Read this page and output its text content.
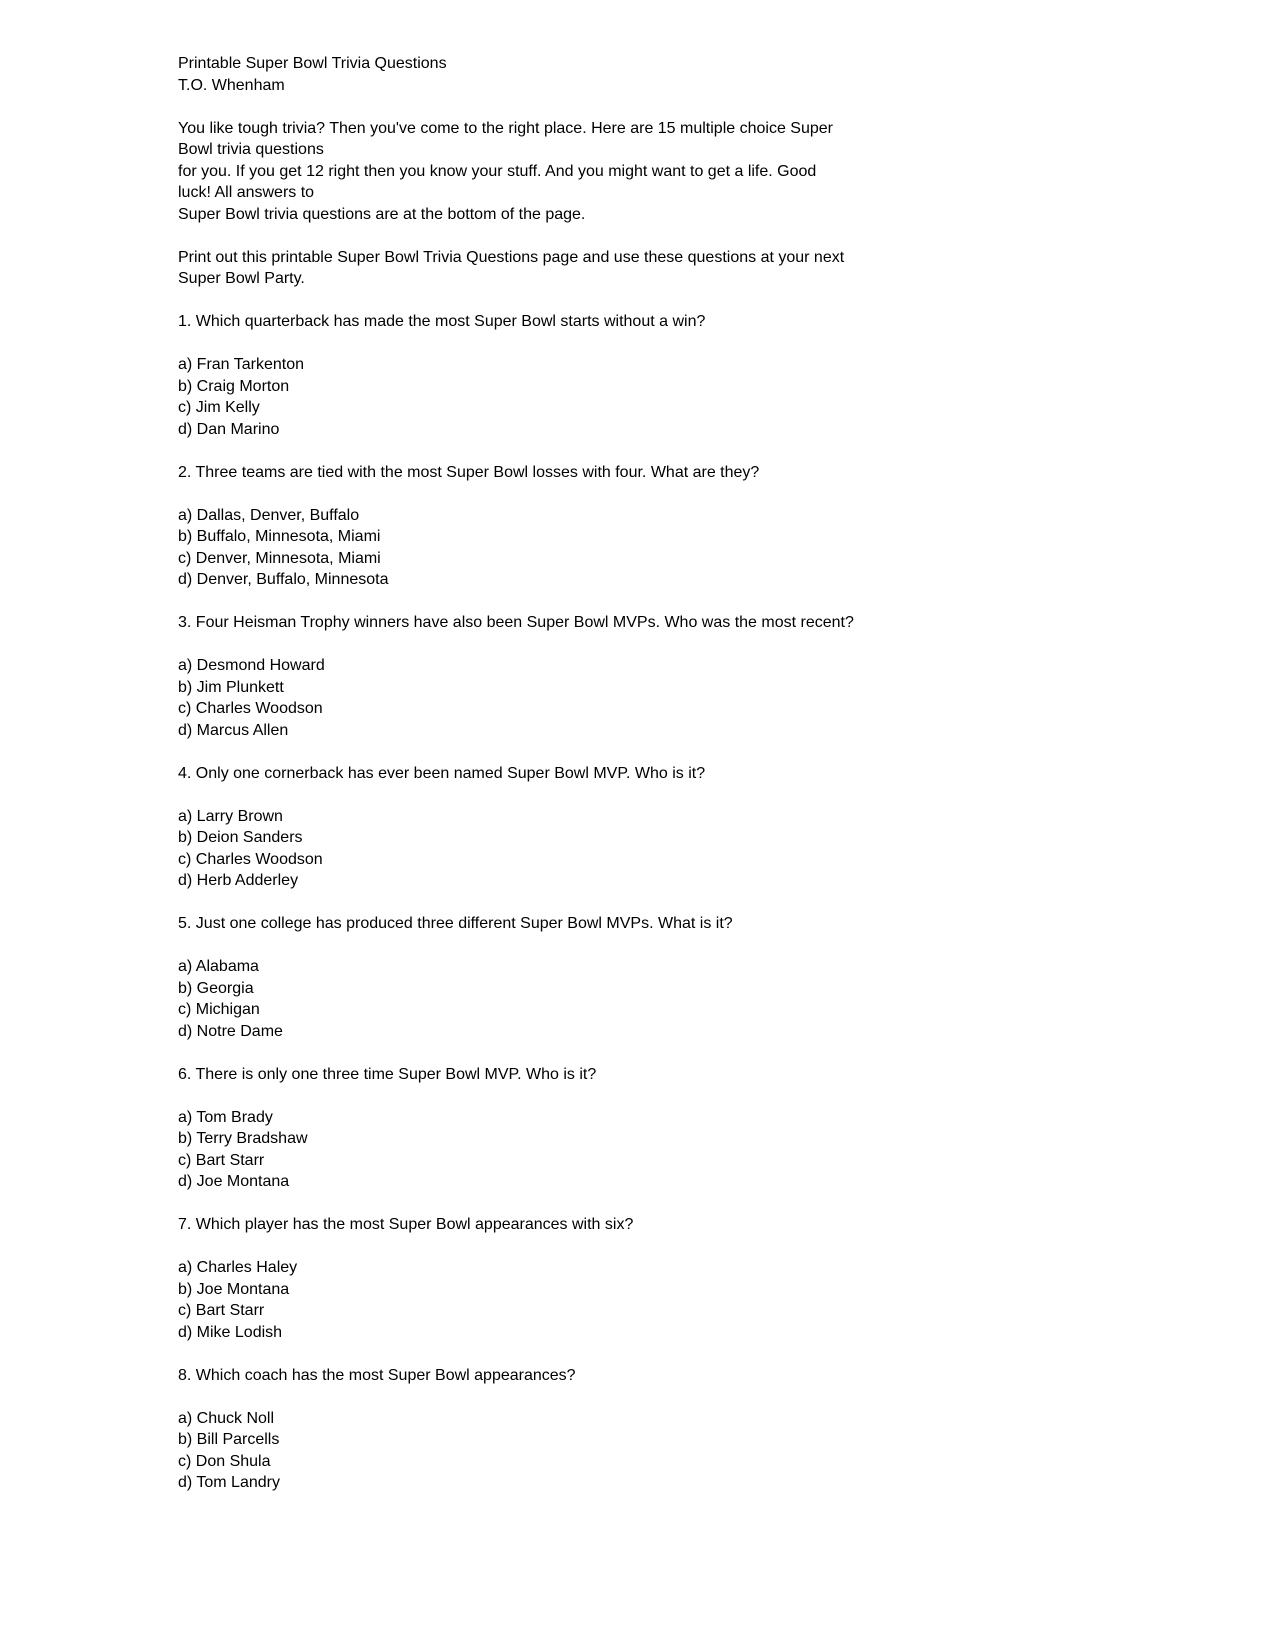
Printable Super Bowl Trivia Questions
T.O. Whenham
You like tough trivia? Then you've come to the right place. Here are 15 multiple choice Super
Bowl trivia questions
for you. If you get 12 right then you know your stuff. And you might want to get a life. Good
luck! All answers to
Super Bowl trivia questions are at the bottom of the page.
Print out this printable Super Bowl Trivia Questions page and use these questions at your next
Super Bowl Party.
1. Which quarterback has made the most Super Bowl starts without a win?
a) Fran Tarkenton
b) Craig Morton
c) Jim Kelly
d) Dan Marino
2. Three teams are tied with the most Super Bowl losses with four. What are they?
a) Dallas, Denver, Buffalo
b) Buffalo, Minnesota, Miami
c) Denver, Minnesota, Miami
d) Denver, Buffalo, Minnesota
3. Four Heisman Trophy winners have also been Super Bowl MVPs. Who was the most recent?
a) Desmond Howard
b) Jim Plunkett
c) Charles Woodson
d) Marcus Allen
4. Only one cornerback has ever been named Super Bowl MVP. Who is it?
a) Larry Brown
b) Deion Sanders
c) Charles Woodson
d) Herb Adderley
5. Just one college has produced three different Super Bowl MVPs. What is it?
a) Alabama
b) Georgia
c) Michigan
d) Notre Dame
6. There is only one three time Super Bowl MVP. Who is it?
a) Tom Brady
b) Terry Bradshaw
c) Bart Starr
d) Joe Montana
7. Which player has the most Super Bowl appearances with six?
a) Charles Haley
b) Joe Montana
c) Bart Starr
d) Mike Lodish
8. Which coach has the most Super Bowl appearances?
a) Chuck Noll
b) Bill Parcells
c) Don Shula
d) Tom Landry
